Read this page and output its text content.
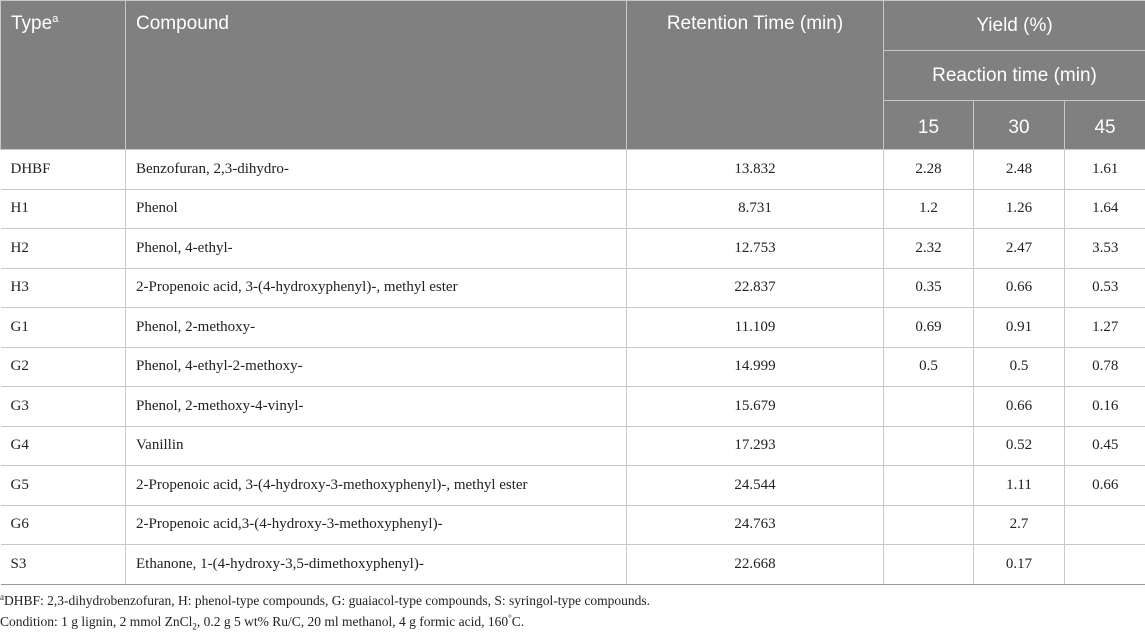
Type$^a$	Compound	Retention Time (min)	Yield (%)		
			Reaction time (min)		
			15	30	45
DHBF	Benzofuran, 2,3-dihydro-	13.832	2.28	2.48	1.61
H1	Phenol	8.731	1.2	1.26	1.64
H2	Phenol, 4-ethyl-	12.753	2.32	2.47	3.53
H3	2-Propenoic acid, 3-(4-hydroxyphenyl)-, methyl ester	22.837	0.35	0.66	0.53
G1	Phenol, 2-methoxy-	11.109	0.69	0.91	1.27
G2	Phenol, 4-ethyl-2-methoxy-	14.999	0.5	0.5	0.78
G3	Phenol, 2-methoxy-4-vinyl-	15.679		0.66	0.16
G4	Vanillin	17.293		0.52	0.45
G5	2-Propenoic acid, 3-(4-hydroxy-3-methoxyphenyl)-, methyl ester	24.544		1.11	0.66
G6	2-Propenoic acid,3-(4-hydroxy-3-methoxyphenyl)-	24.763		2.7	
S3	Ethanone, 1-(4-hydroxy-3,5-dimethoxyphenyl)-	22.668		0.17	
$^a$DHBF: 2,3-dihydrobenzofuran, H: phenol-type compounds, G: guaiacol-type compounds, S: syringol-type compounds.
Condition: 1 g lignin, 2 mmol ZnCl$_2$, 0.2 g 5 wt% Ru/C, 20 ml methanol, 4 g formic acid, 160°C.
